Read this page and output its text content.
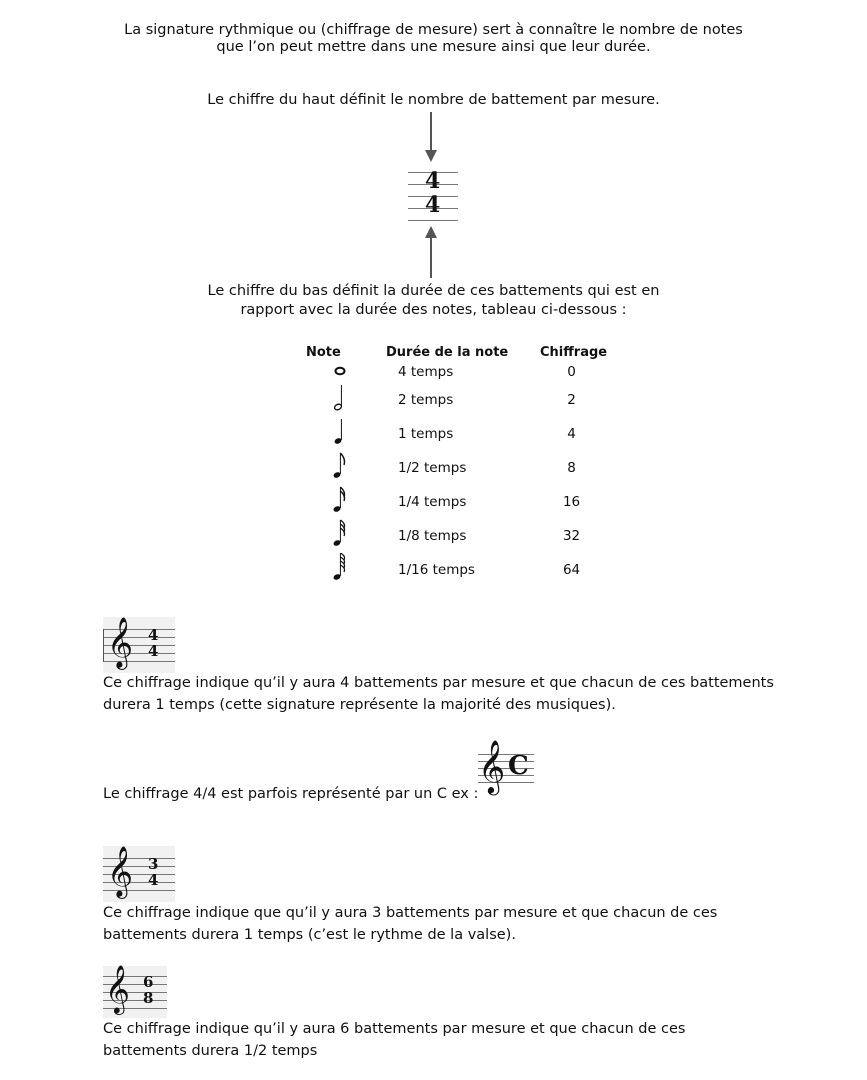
La signature rythmique ou (chiffrage de mesure) sert à connaître le nombre de notes
que l’on peut mettre dans une mesure ainsi que leur durée.
Le chiffre du haut définit le nombre de battement par mesure.
4
4
Le chiffre du bas définit la durée de ces battements qui est en
rapport avec la durée des notes, tableau ci-dessous :
Note	Durée de la note	Chiffrage
	4 temps	0
	2 temps	2
	1 temps	4
	1/2 temps	8
	1/4 temps	16
	1/8 temps	32
	1/16 temps	64
𝄞 4
4
Ce chiffrage indique qu’il y aura 4 battements par mesure et que chacun de ces battements
durera 1 temps (cette signature représente la majorité des musiques).
Le chiffrage 4/4 est parfois représenté par un C ex :
𝄞 C
𝄞 3
4
Ce chiffrage indique que qu’il y aura 3 battements par mesure et que chacun de ces
battements durera 1 temps (c’est le rythme de la valse).
𝄞 6
8
Ce chiffrage indique qu’il y aura 6 battements par mesure et que chacun de ces
battements durera 1/2 temps
